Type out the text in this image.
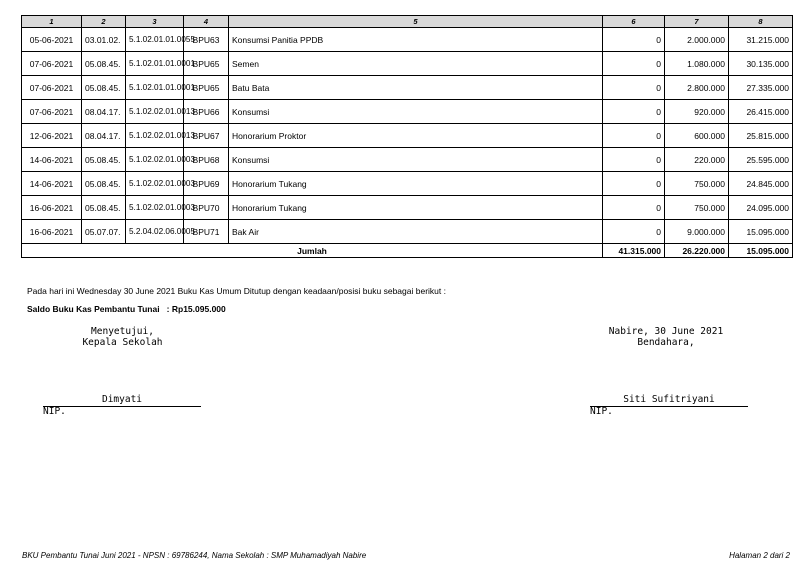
1	2	3	4	5	6	7	8
05-06-2021	03.01.02.	5.1.02.01.01.0055	BPU63	Konsumsi Panitia PPDB	0	2.000.000	31.215.000
07-06-2021	05.08.45.	5.1.02.01.01.0001	BPU65	Semen	0	1.080.000	30.135.000
07-06-2021	05.08.45.	5.1.02.01.01.0001	BPU65	Batu Bata	0	2.800.000	27.335.000
07-06-2021	08.04.17.	5.1.02.02.01.0013	BPU66	Konsumsi	0	920.000	26.415.000
12-06-2021	08.04.17.	5.1.02.02.01.0013	BPU67	Honorarium Proktor	0	600.000	25.815.000
14-06-2021	05.08.45.	5.1.02.02.01.0003	BPU68	Konsumsi	0	220.000	25.595.000
14-06-2021	05.08.45.	5.1.02.02.01.0003	BPU69	Honorarium Tukang	0	750.000	24.845.000
16-06-2021	05.08.45.	5.1.02.02.01.0003	BPU70	Honorarium Tukang	0	750.000	24.095.000
16-06-2021	05.07.07.	5.2.04.02.06.0005	BPU71	Bak Air	0	9.000.000	15.095.000
Jumlah					41.315.000	26.220.000	15.095.000
Pada hari ini Wednesday 30 June 2021 Buku Kas Umum Ditutup dengan keadaan/posisi buku sebagai berikut :
Saldo Buku Kas Pembantu Tunai : Rp15.095.000
Menyetujui,
Kepala Sekolah
Dimyati
NIP.
Nabire, 30 June 2021
Bendahara,
Siti Sufitriyani
NIP.
BKU Pembantu Tunai Juni 2021 - NPSN : 69786244, Nama Sekolah : SMP Muhamadiyah Nabire	Halaman 2 dari 2
